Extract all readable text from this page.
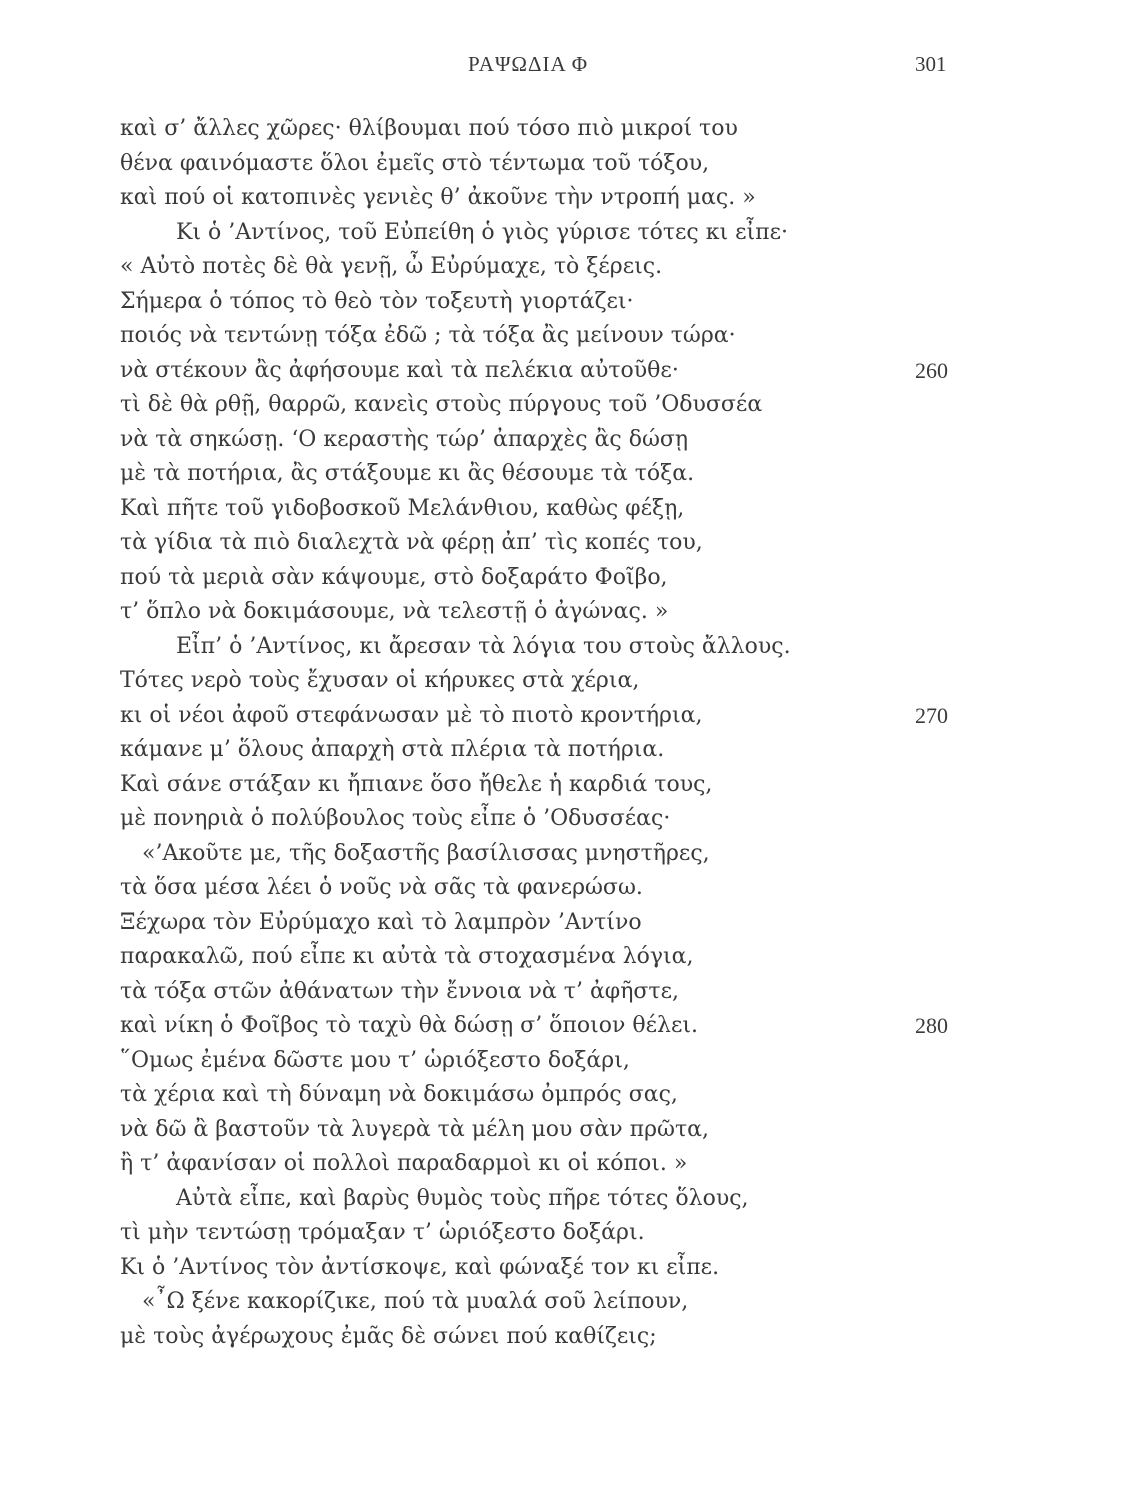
ΡΑΨΩΔΙΑ Φ	301
καὶ σ’ ἄλλες χῶρες· θλίβουμαι πού τόσο πιὸ μικροί του
θένα φαινόμαστε ὅλοι ἐμεῖς στὸ τέντωμα τοῦ τόξου,
καὶ πού οἱ κατοπινὲς γενιὲς θ’ ἀκοῦνε τὴν ντροπή μας. »
Κι ὁ ’Αντίνος, τοῦ Εὐπείθη ὁ γιὸς γύρισε τότες κι εἶπε·
« Αὐτὸ ποτὲς δὲ θὰ γενῇ, ὦ Εὐρύμαχε, τὸ ξέρεις.
Σήμερα ὁ τόπος τὸ θεὸ τὸν τοξευτὴ γιορτάζει·
ποιός νὰ τεντώνῃ τόξα ἐδῶ ; τὰ τόξα ἂς μείνουν τώρα·
νὰ στέκουν ἂς ἀφήσουμε καὶ τὰ πελέκια αὐτοῦθε·	260
τὶ δὲ θὰ ρθῇ, θαρρῶ, κανεὶς στοὺς πύργους τοῦ ’Οδυσσέα
νὰ τὰ σηκώσῃ. ‘Ο κεραστὴς τώρ’ ἀπαρχὲς ἂς δώσῃ
μὲ τὰ ποτήρια, ἂς στάξουμε κι ἂς θέσουμε τὰ τόξα.
Καὶ πῆτε τοῦ γιδοβοσκοῦ Μελάνθιου, καθὼς φέξῃ,
τὰ γίδια τὰ πιὸ διαλεχτὰ νὰ φέρῃ ἀπ’ τὶς κοπές του,
πού τὰ μεριὰ σὰν κάψουμε, στὸ δοξαράτο Φοῖβο,
τ’ ὅπλο νὰ δοκιμάσουμε, νὰ τελεστῇ ὁ ἀγώνας. »
Εἶπ’ ὁ ’Αντίνος, κι ἄρεσαν τὰ λόγια του στοὺς ἄλλους.
Τότες νερὸ τοὺς ἔχυσαν οἱ κήρυκες στὰ χέρια,
κι οἱ νέοι ἀφοῦ στεφάνωσαν μὲ τὸ πιοτὸ κροντήρια,	270
κάμανε μ’ ὅλους ἀπαρχὴ στὰ πλέρια τὰ ποτήρια.
Καὶ σάνε στάξαν κι ἤπιανε ὅσο ἤθελε ἡ καρδιά τους,
μὲ πονηριὰ ὁ πολύβουλος τοὺς εἶπε ὁ ’Οδυσσέας·
«’Ακοῦτε με, τῆς δοξαστῆς βασίλισσας μνηστῆρες,
τὰ ὅσα μέσα λέει ὁ νοῦς νὰ σᾶς τὰ φανερώσω.
Ξέχωρα τὸν Εὐρύμαχο καὶ τὸ λαμπρὸν ’Αντίνο
παρακαλῶ, πού εἶπε κι αὐτὰ τὰ στοχασμένα λόγια,
τὰ τόξα στῶν ἀθάνατων τὴν ἔννοια νὰ τ’ ἀφῆστε,
καὶ νίκη ὁ Φοῖβος τὸ ταχὺ θὰ δώσῃ σ’ ὅποιον θέλει.	280
῞Ομως ἐμένα δῶστε μου τ’ ὡριόξεστο δοξάρι,
τὰ χέρια καὶ τὴ δύναμη νὰ δοκιμάσω ὀμπρός σας,
νὰ δῶ ἂ βαστοῦν τὰ λυγερὰ τὰ μέλη μου σὰν πρῶτα,
ἢ τ’ ἀφανίσαν οἱ πολλοὶ παραδαρμοὶ κι οἱ κόποι. »
Αὐτὰ εἶπε, καὶ βαρὺς θυμὸς τοὺς πῆρε τότες ὅλους,
τὶ μὴν τεντώσῃ τρόμαξαν τ’ ὡριόξεστο δοξάρι.
Κι ὁ ’Αντίνος τὸν ἀντίσκοψε, καὶ φώναξέ τον κι εἶπε.
«῏Ω ξένε κακορίζικε, πού τὰ μυαλά σοῦ λείπουν,
μὲ τοὺς ἀγέρωχους ἐμᾶς δὲ σώνει πού καθίζεις;
